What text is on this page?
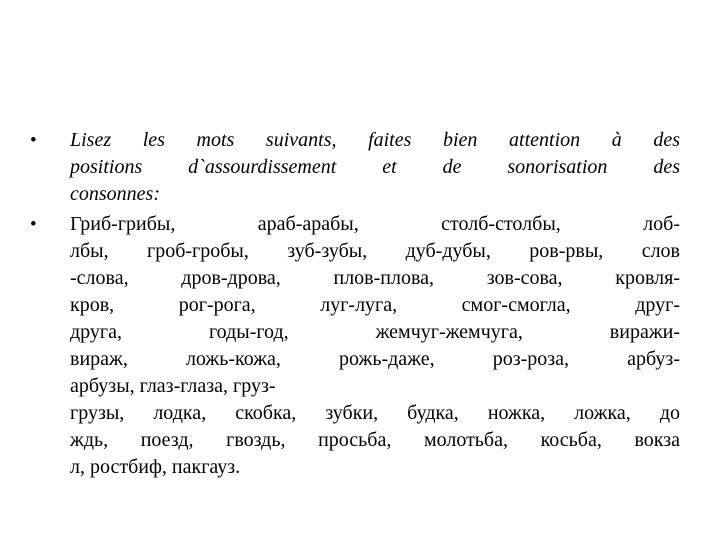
• Lisez les mots suivants, faites bien attention à des
positions d`assourdissement et de sonorisation des
consonnes:
• Гриб-грибы, араб-арабы, столб-столбы, лоб-
лбы, гроб-гробы, зуб-зубы, дуб-дубы, ров-рвы, слов
-слова, дров-дрова, плов-плова, зов-сова, кровля-
кров, рог-рога, луг-луга, смог-смогла, друг-
друга, годы-год, жемчуг-жемчуга, виражи-
вираж, ложь-кожа, рожь-даже, роз-роза, арбуз-
арбузы, глаз-глаза, груз-
грузы, лодка, скобка, зубки, будка, ножка, ложка, до
ждь, поезд, гвоздь, просьба, молотьба, косьба, вокза
л, ростбиф, пакгауз.
